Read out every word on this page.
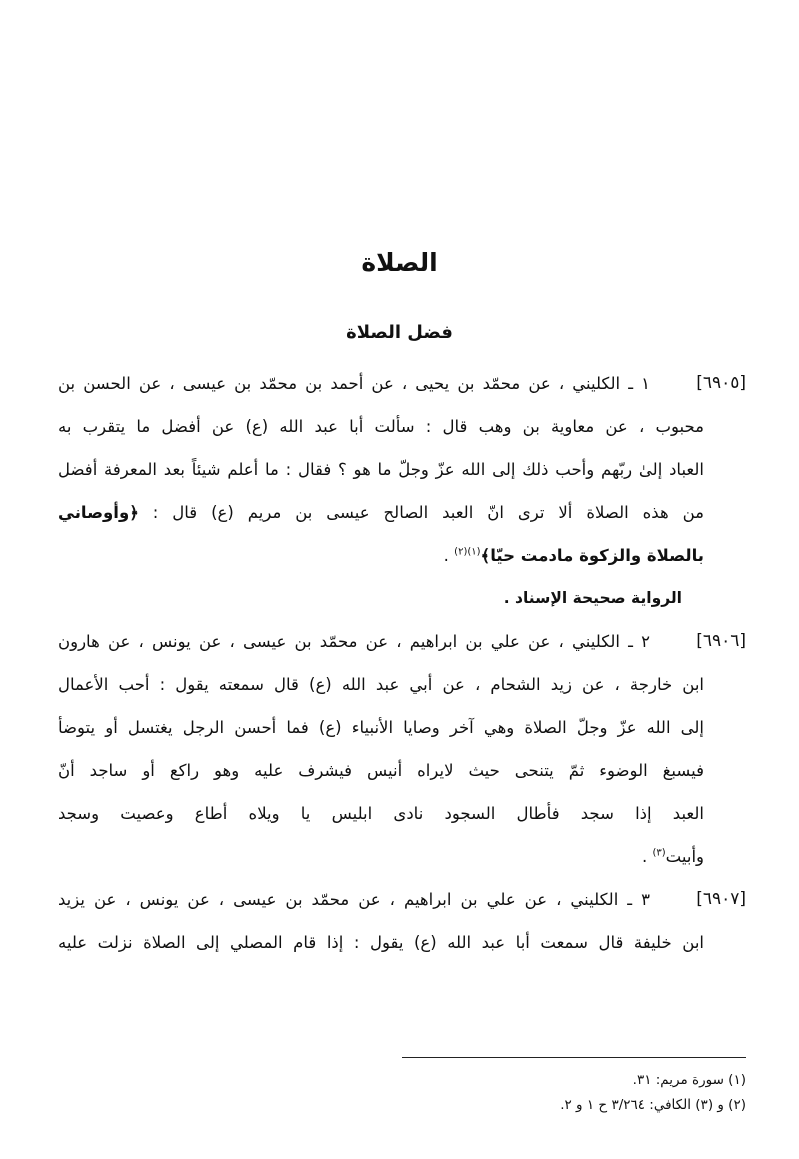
الصلاة
فضل الصلاة
[٦٩٠٥]
١ ـ الكليني ، عن محمّد بن يحيى ، عن أحمد بن محمّد بن عيسى ، عن الحسن بن
محبوب ، عن معاوية بن وهب قال : سألت أبا عبد الله (ع) عن أفضل ما يتقرب به
العباد إلىٰ ربّهم وأحب ذلك إلى الله عزّ وجلّ ما هو ؟ فقال : ما أعلم شيئاً بعد المعرفة أفضل
من هذه الصلاة ألا ترى انّ العبد الصالح عيسى بن مريم (ع) قال : ﴿وأوصاني
بالصلاة والزكوة مادمت حيّا﴾$^{(١)(٢)}$ .
الرواية صحيحة الإسناد .
[٦٩٠٦]
٢ ـ الكليني ، عن علي بن ابراهيم ، عن محمّد بن عيسى ، عن يونس ، عن هارون
ابن خارجة ، عن زيد الشحام ، عن أبي عبد الله (ع) قال سمعته يقول : أحب الأعمال
إلى الله عزّ وجلّ الصلاة وهي آخر وصايا الأنبياء (ع) فما أحسن الرجل يغتسل أو يتوضأ
فيسبغ الوضوء ثمّ يتنحى حيث لايراه أنيس فيشرف عليه وهو راكع أو ساجد أنّ
العبد إذا سجد فأطال السجود نادى ابليس يا ويلاه أطاع وعصيت وسجد
وأبيت$^{(٣)}$ .
[٦٩٠٧]
٣ ـ الكليني ، عن علي بن ابراهيم ، عن محمّد بن عيسى ، عن يونس ، عن يزيد
ابن خليفة قال سمعت أبا عبد الله (ع) يقول : إذا قام المصلي إلى الصلاة نزلت عليه
(١) سورة مريم: ٣١.
(٢) و (٣) الكافي: ٣/٢٦٤ ح ١ و ٢.
